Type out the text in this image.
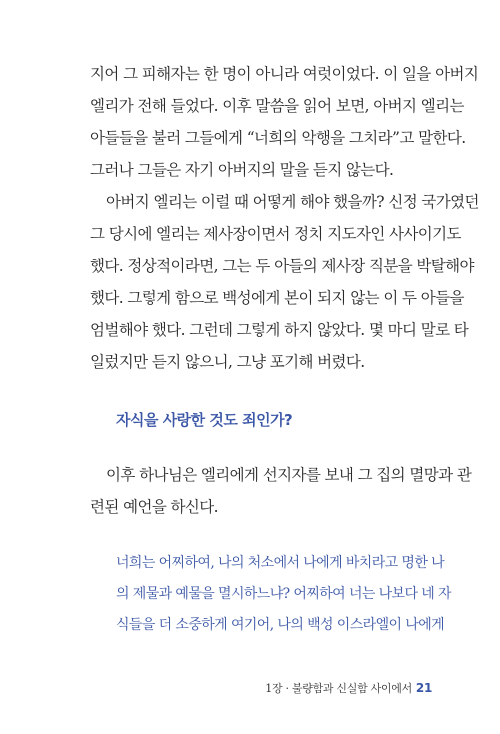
지어 그 피해자는 한 명이 아니라 여럿이었다. 이 일을 아버지
엘리가 전해 들었다. 이후 말씀을 읽어 보면, 아버지 엘리는
아들들을 불러 그들에게 “너희의 악행을 그치라”고 말한다.
그러나 그들은 자기 아버지의 말을 듣지 않는다.
아버지 엘리는 이럴 때 어떻게 해야 했을까? 신정 국가였던
그 당시에 엘리는 제사장이면서 정치 지도자인 사사이기도
했다. 정상적이라면, 그는 두 아들의 제사장 직분을 박탈해야
했다. 그렇게 함으로 백성에게 본이 되지 않는 이 두 아들을
엄벌해야 했다. 그런데 그렇게 하지 않았다. 몇 마디 말로 타
일렀지만 듣지 않으니, 그냥 포기해 버렸다.
자식을 사랑한 것도 죄인가?
이후 하나님은 엘리에게 선지자를 보내 그 집의 멸망과 관
련된 예언을 하신다.
너희는 어찌하여, 나의 처소에서 나에게 바치라고 명한 나
의 제물과 예물을 멸시하느냐? 어찌하여 너는 나보다 네 자
식들을 더 소중하게 여기어, 나의 백성 이스라엘이 나에게
1장 · 불량함과 신실함 사이에서 21
